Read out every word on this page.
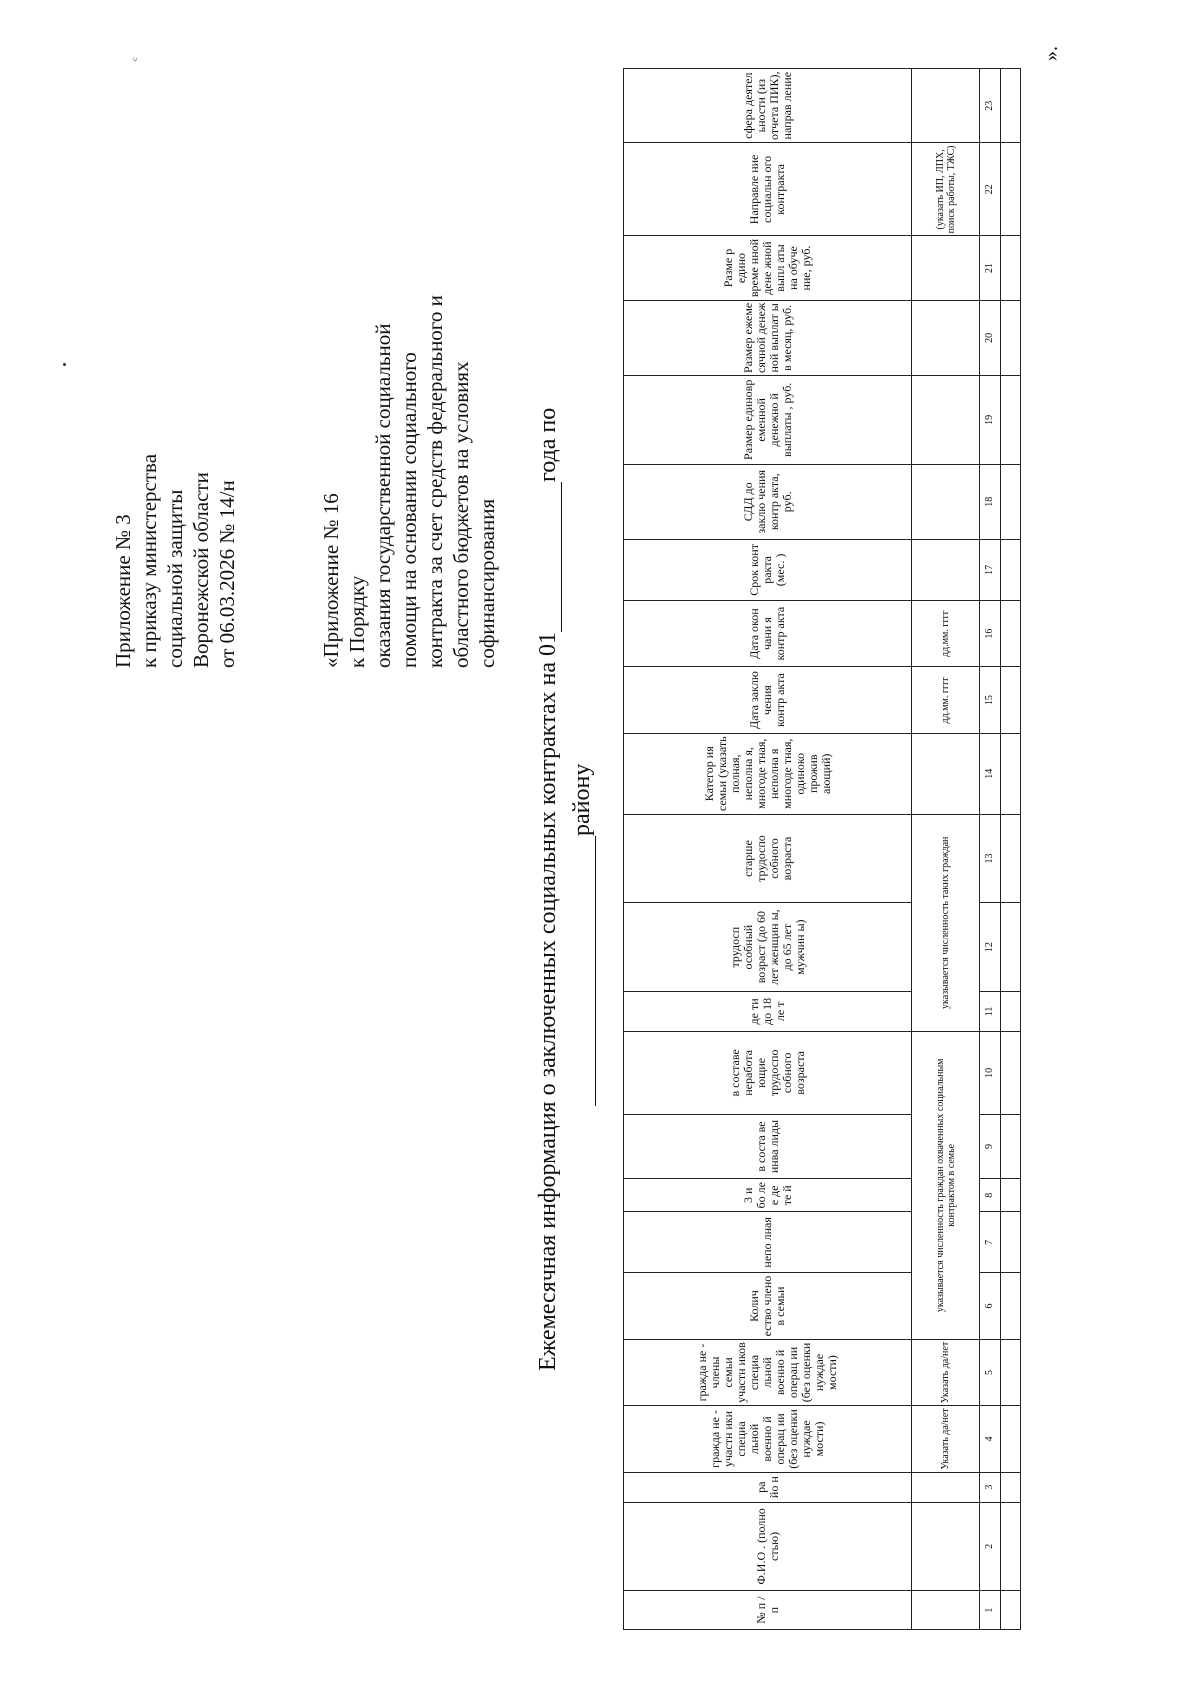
Приложение № 3 к приказу министерства социальной защиты Воронежской области от 06.03.2026 № 14/н	«Приложение № 16 к Порядку оказания государственной социальной помощи на основании социального контракта за счет средств федерального и областного бюджетов на условиях софинансирования
Ежемесячная информация о заключенных социальных контрактах на 01года по
району
№ п / п	Ф.И.О . (полно стью)	ра йо н	гражда не - участн ики специа льной военно й операц ии (без оценки нуждае мости)	гражда не - члены семьи участн иков специа льной военно й операц ии (без оценки нуждае мости)	Колич ество члено в семьи	непо лная	3 и бо ле е де те й	в соста ве инва лиды	в составе неработа ющие трудоспо собного возраста	де ти до 18 ле т	трудосп особный возраст (до 60 лет женщин ы, до 65 лет мужчин ы)	старше трудоспо собного возраста	Категор ия семьи (указать полная, неполна я, многоде тная, неполна я многоде тная, одиноко прожив ающий)	Дата заклю чения контр акта	Дата окон чани я контр акта	Срок конт ракта (мес. )	СДД до заклю чения контр акта, руб.	Размер единовр еменной денежно й выплаты , руб.	Размер ежеме сячной денеж ной выплат ы в месяц, руб.	Разме р едино време нной дене жной выпл аты на обуче ние, руб.	Направле ние социальн ого контракта	сфера деятел ьности (из отчета ПИК), направ ление
			Указать да/нет	Указать да/нет	указывается численность граждан охваченных социальным контрактом в семье					указывается численность таких граждан				дд.мм. гггг	дд.мм. гггг						(указать ИП, ЛПХ, поиск работы, ТЖС)	
1	2	3	4	5	6	7	8	9	10	11	12	13	14	15	16	17	18	19	20	21	22	23

».
ᶜ
